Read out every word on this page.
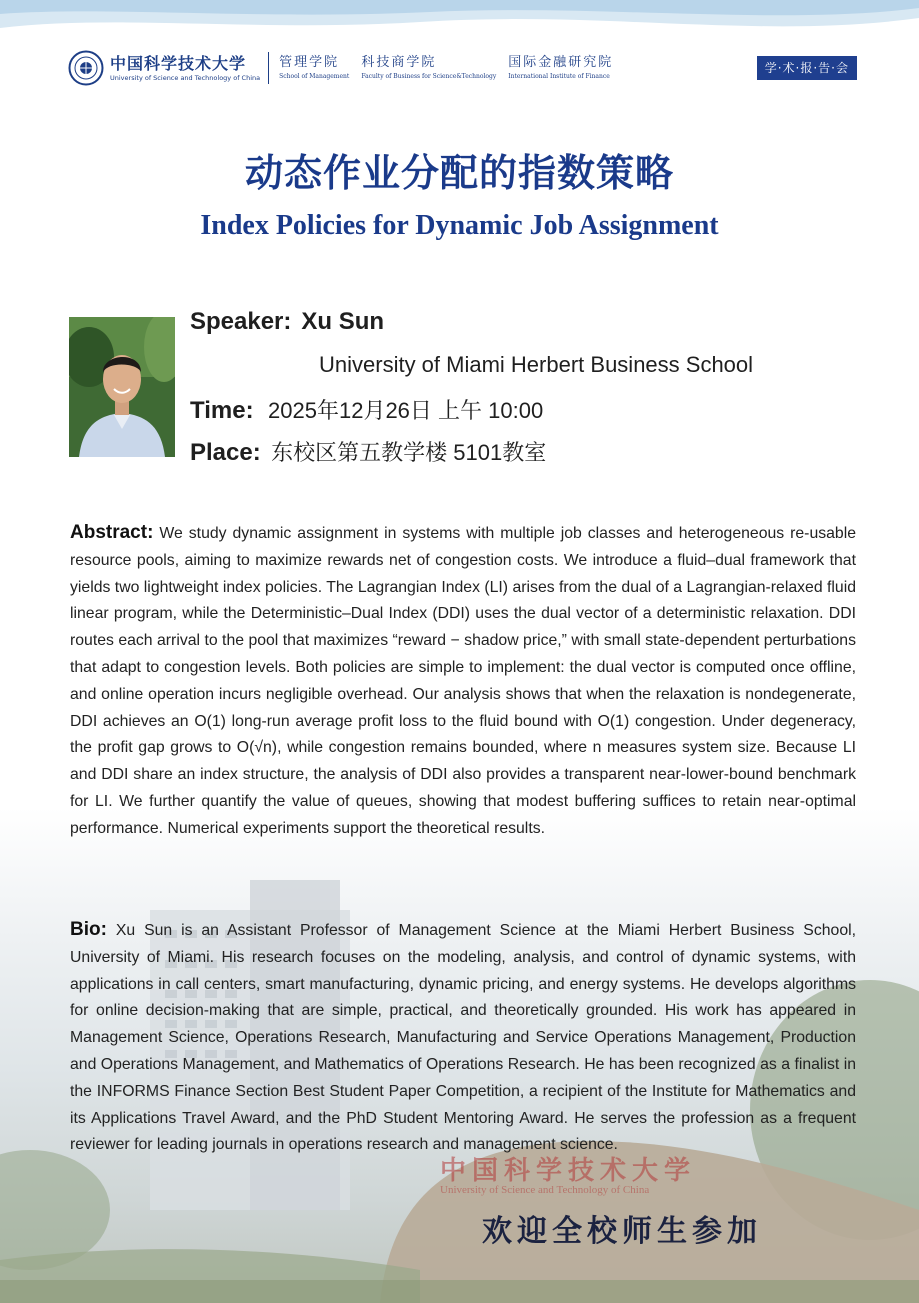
中国科学技术大学
University of Science and Technology of China
管理学院
School of Management
科技商学院
Faculty of Business for Science&Technology
国际金融研究院
International Institute of Finance
学·术·报·告·会
动态作业分配的指数策略
Index Policies for Dynamic Job Assignment
Speaker: Xu Sun
University of Miami Herbert Business School
Time: 2025年12月26日 上午 10:00
Place: 东校区第五教学楼 5101教室
Abstract: We study dynamic assignment in systems with multiple job classes and heterogeneous re-usable resource pools, aiming to maximize rewards net of congestion costs. We introduce a fluid–dual framework that yields two lightweight index policies. The Lagrangian Index (LI) arises from the dual of a Lagrangian-relaxed fluid linear program, while the Deterministic–Dual Index (DDI) uses the dual vector of a deterministic relaxation. DDI routes each arrival to the pool that maximizes “reward − shadow price,” with small state-dependent perturbations that adapt to congestion levels. Both policies are simple to implement: the dual vector is computed once offline, and online operation incurs negligible overhead. Our analysis shows that when the relaxation is nondegenerate, DDI achieves an O(1) long-run average profit loss to the fluid bound with O(1) congestion. Under degeneracy, the profit gap grows to O(√n), while congestion remains bounded, where n measures system size. Because LI and DDI share an index structure, the analysis of DDI also provides a transparent near-lower-bound benchmark for LI. We further quantify the value of queues, showing that modest buffering suffices to retain near-optimal performance. Numerical experiments support the theoretical results.
Bio: Xu Sun is an Assistant Professor of Management Science at the Miami Herbert Business School, University of Miami. His research focuses on the modeling, analysis, and control of dynamic systems, with applications in call centers, smart manufacturing, dynamic pricing, and energy systems. He develops algorithms for online decision-making that are simple, practical, and theoretically grounded. His work has appeared in Management Science, Operations Research, Manufacturing and Service Operations Management, Production and Operations Management, and Mathematics of Operations Research. He has been recognized as a finalist in the INFORMS Finance Section Best Student Paper Competition, a recipient of the Institute for Mathematics and its Applications Travel Award, and the PhD Student Mentoring Award. He serves the profession as a frequent reviewer for leading journals in operations research and management science.
中国科学技术大学
University of Science and Technology of China
欢迎全校师生参加
